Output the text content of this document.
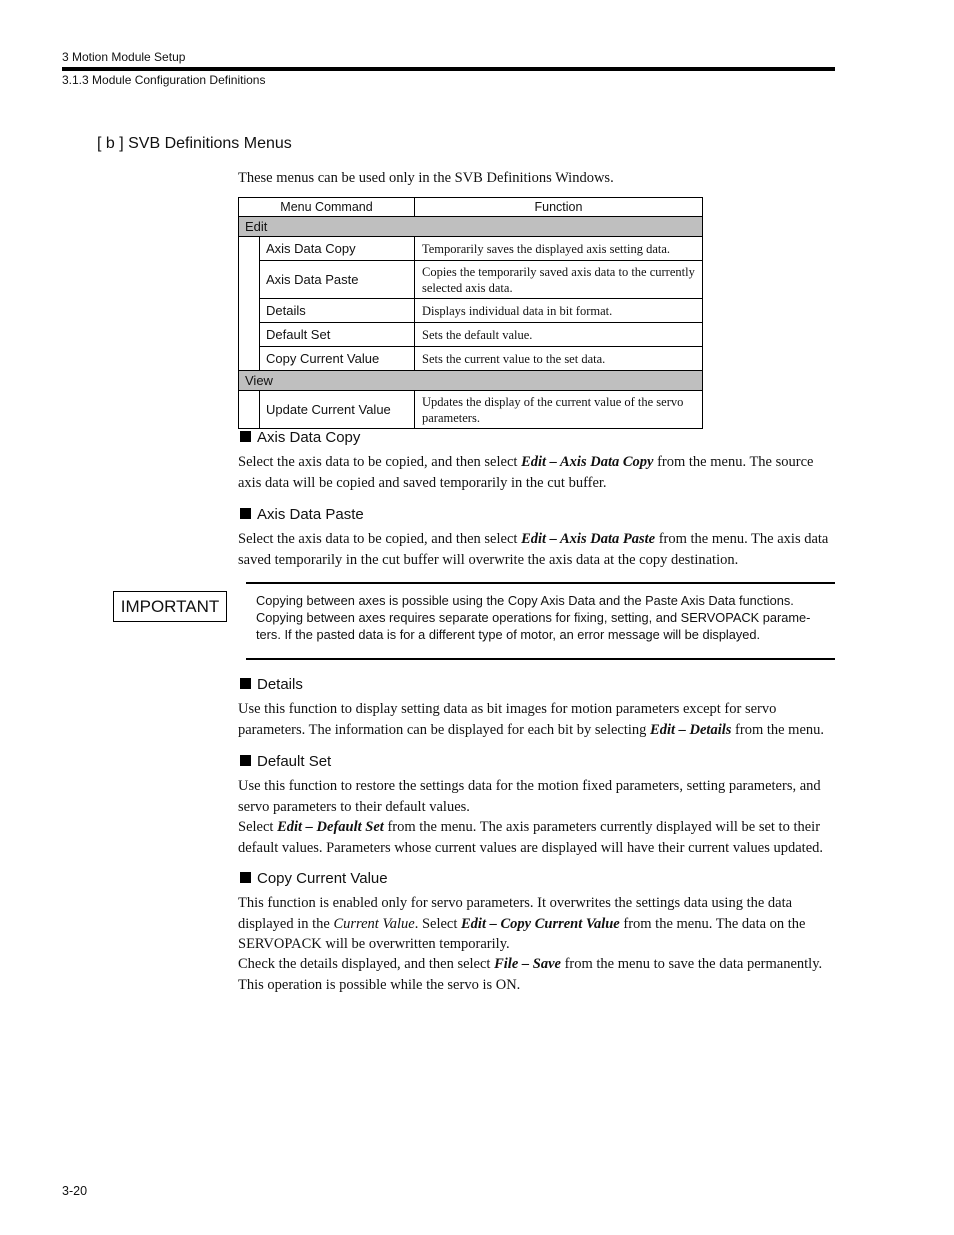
3 Motion Module Setup
3.1.3 Module Configuration Definitions
[ b ] SVB Definitions Menus
These menus can be used only in the SVB Definitions Windows.
Menu Command		Function
Edit		
	Axis Data Copy	Temporarily saves the displayed axis setting data.
	Axis Data Paste	Copies the temporarily saved axis data to the currently selected axis data.
	Details	Displays individual data in bit format.
	Default Set	Sets the default value.
	Copy Current Value	Sets the current value to the set data.
View		
	Update Current Value	Updates the display of the current value of the servo parameters.
Axis Data Copy
Select the axis data to be copied, and then select Edit – Axis Data Copy from the menu. The source axis data will be copied and saved temporarily in the cut buffer.
Axis Data Paste
Select the axis data to be copied, and then select Edit – Axis Data Paste from the menu. The axis data saved temporarily in the cut buffer will overwrite the axis data at the copy destination.
IMPORTANT	Copying between axes is possible using the Copy Axis Data and the Paste Axis Data functions. Copying between axes requires separate operations for fixing, setting, and SERVOPACK parame-ters. If the pasted data is for a different type of motor, an error message will be displayed.
Details
Use this function to display setting data as bit images for motion parameters except for servo parameters. The information can be displayed for each bit by selecting Edit – Details from the menu.
Default Set
Use this function to restore the settings data for the motion fixed parameters, setting parameters, and servo parameters to their default values.
Select Edit – Default Set from the menu. The axis parameters currently displayed will be set to their default values. Parameters whose current values are displayed will have their current values updated.
Copy Current Value
This function is enabled only for servo parameters. It overwrites the settings data using the data displayed in the Current Value. Select Edit – Copy Current Value from the menu. The data on the SERVOPACK will be overwritten temporarily.
Check the details displayed, and then select File – Save from the menu to save the data permanently. This operation is possible while the servo is ON.
3-20
